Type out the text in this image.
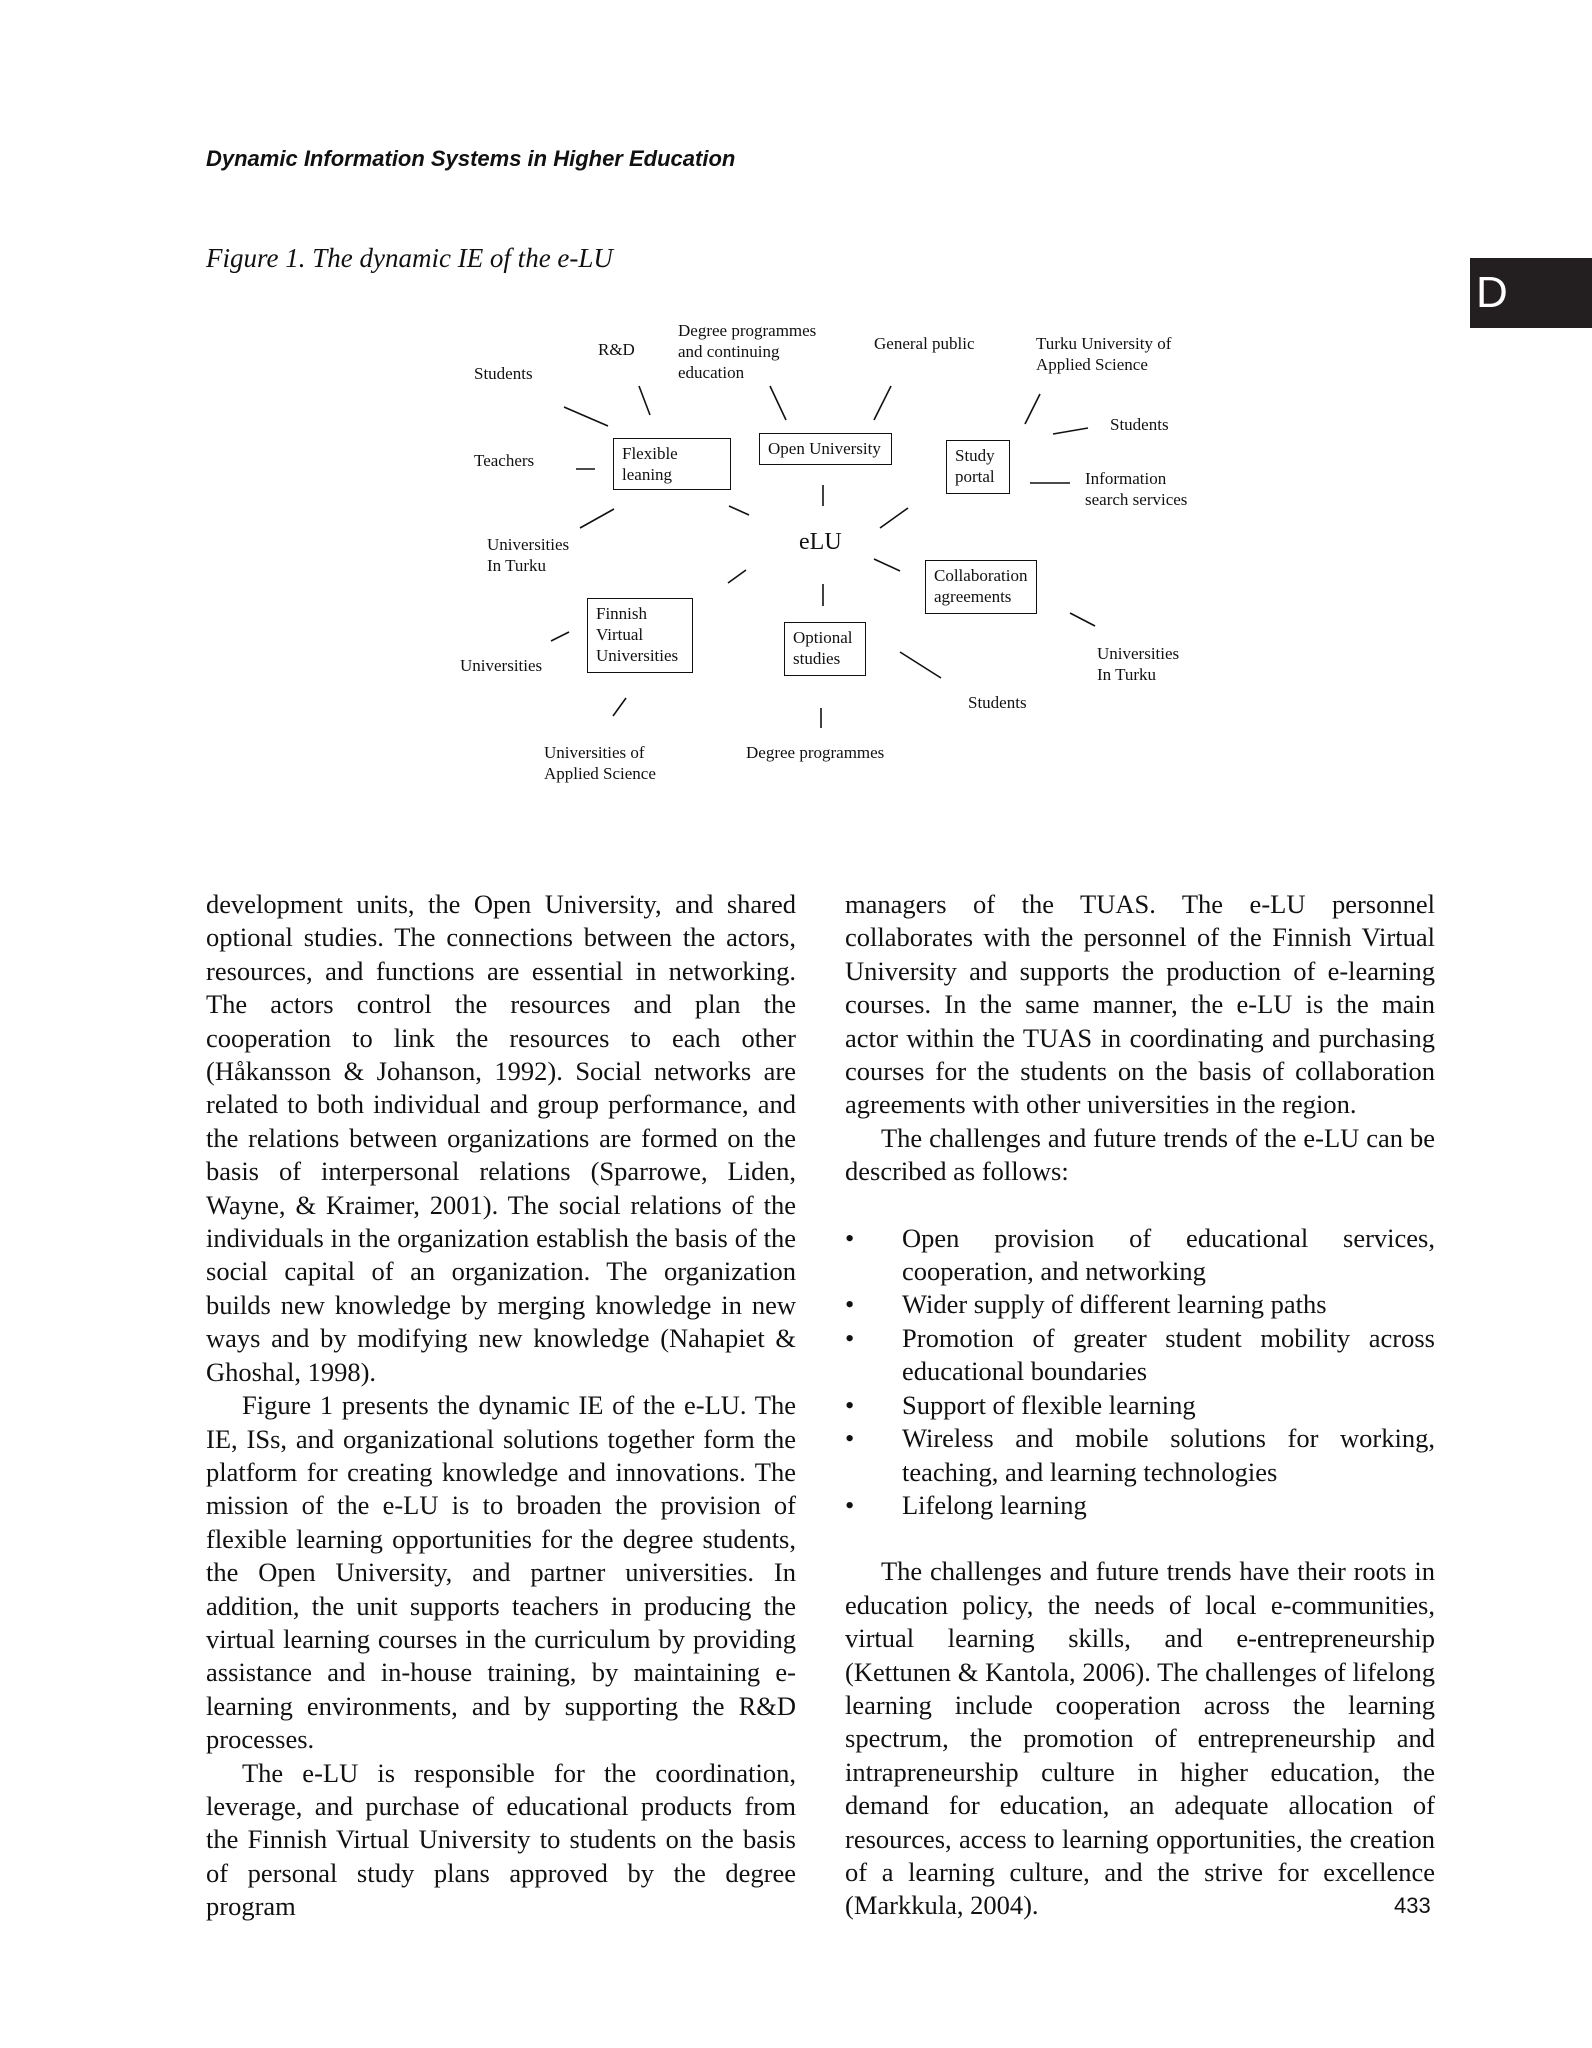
Dynamic Information Systems in Higher Education
D
Figure 1. The dynamic IE of the e-LU
Students
R&D
Degree programmes
and continuing
education
General public	Turku University of
Applied Science
Students
Teachers
Information
search services
Universities
In Turku
Universities
Universities
In Turku
Students
Universities of
Applied Science
Degree programmes
Flexible
leaning
Open University	Study
portal
eLU
Collaboration
agreements
Finnish
Virtual
Universities
Optional
studies

development units, the Open University, and shared optional studies. The connections between the actors, resources, and functions are essential in networking. The actors control the resources and plan the cooperation to link the resources to each other (Håkansson & Johanson, 1992). Social networks are related to both individual and group performance, and the relations between organizations are formed on the basis of interpersonal relations (Sparrowe, Liden, Wayne, & Kraimer, 2001). The social relations of the individuals in the organization establish the basis of the social capital of an organization. The organization builds new knowledge by merging knowledge in new ways and by modifying new knowledge (Nahapiet & Ghoshal, 1998).

Figure 1 presents the dynamic IE of the e-LU. The IE, ISs, and organizational solutions together form the platform for creating knowledge and innovations. The mission of the e-LU is to broaden the provision of flexible learning opportunities for the degree students, the Open University, and partner universities. In addition, the unit supports teachers in producing the virtual learning courses in the curriculum by providing assistance and in-house training, by maintaining e-learning environments, and by supporting the R&D processes.

The e-LU is responsible for the coordination, leverage, and purchase of educational products from the Finnish Virtual University to students on the basis of personal study plans approved by the degree program

managers of the TUAS. The e-LU personnel collaborates with the personnel of the Finnish Virtual University and supports the production of e-learning courses. In the same manner, the e-LU is the main actor within the TUAS in coordinating and purchasing courses for the students on the basis of collaboration agreements with other universities in the region.

The challenges and future trends of the e-LU can be described as follows:

• Open provision of educational services, cooperation, and networking
• Wider supply of different learning paths
• Promotion of greater student mobility across educational boundaries
• Support of flexible learning
• Wireless and mobile solutions for working, teaching, and learning technologies
• Lifelong learning

The challenges and future trends have their roots in education policy, the needs of local e-communities, virtual learning skills, and e-entrepreneurship (Kettunen & Kantola, 2006). The challenges of lifelong learning include cooperation across the learning spectrum, the promotion of entrepreneurship and intrapreneurship culture in higher education, the demand for education, an adequate allocation of resources, access to learning opportunities, the creation of a learning culture, and the strive for excellence (Markkula, 2004).	433
